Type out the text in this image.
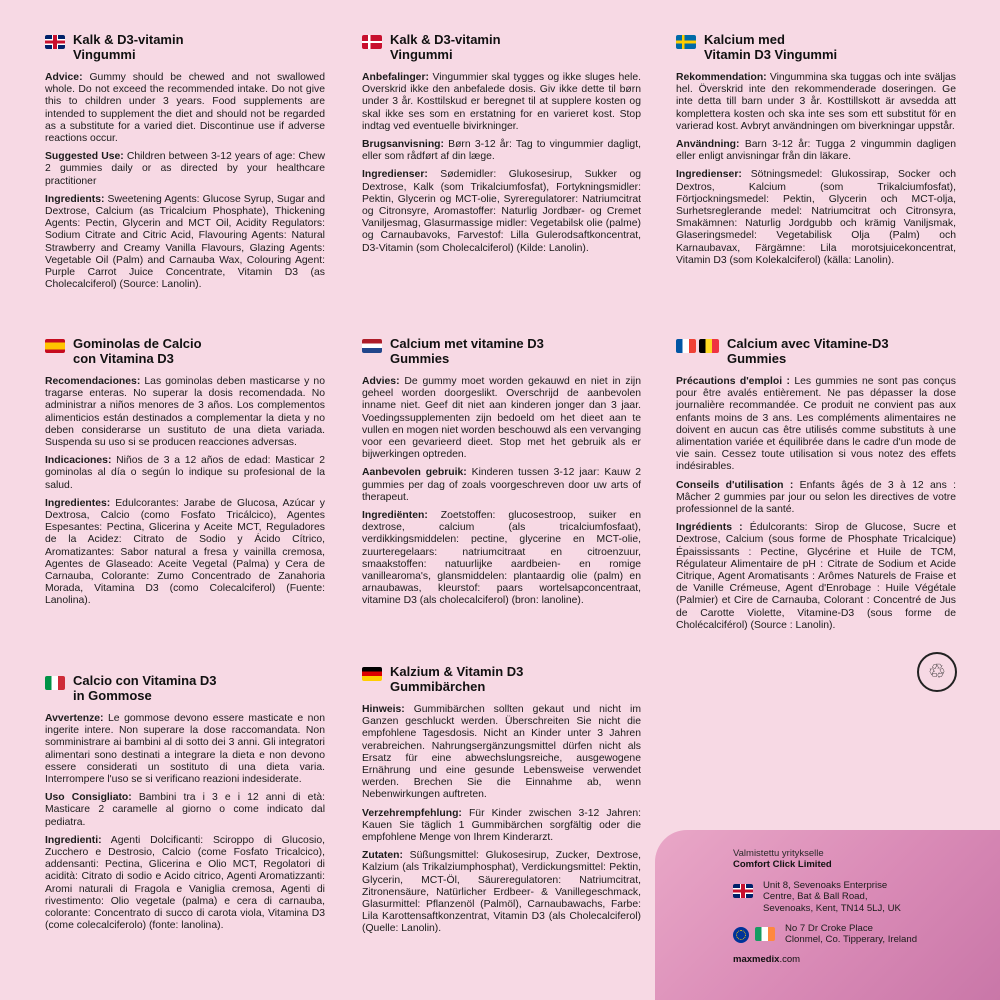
Kalk & D3-vitamin
Vingummi

Advice: Gummy should be chewed and not swallowed whole. Do not exceed the recommended intake. Do not give this to children under 3 years. Food supplements are intended to supplement the diet and should not be regarded as a substitute for a varied diet. Discontinue use if adverse reactions occur.

Suggested Use: Children between 3-12 years of age: Chew 2 gummies daily or as directed by your healthcare practitioner

Ingredients: Sweetening Agents: Glucose Syrup, Sugar and Dextrose, Calcium (as Tricalcium Phosphate), Thickening Agents: Pectin, Glycerin and MCT Oil, Acidity Regulators: Sodium Citrate and Citric Acid, Flavouring Agents: Natural Strawberry and Creamy Vanilla Flavours, Glazing Agents: Vegetable Oil (Palm) and Carnauba Wax, Colouring Agent: Purple Carrot Juice Concentrate, Vitamin D3 (as Cholecalciferol) (Source: Lanolin).

Gominolas de Calcio
con Vitamina D3

Recomendaciones: Las gominolas deben masticarse y no tragarse enteras. No superar la dosis recomendada. No administrar a niños menores de 3 años. Los complementos alimenticios están destinados a complementar la dieta y no deben considerarse un sustituto de una dieta variada. Suspenda su uso si se producen reacciones adversas.

Indicaciones: Niños de 3 a 12 años de edad: Masticar 2 gominolas al día o según lo indique su profesional de la salud.

Ingredientes: Edulcorantes: Jarabe de Glucosa, Azúcar y Dextrosa, Calcio (como Fosfato Tricálcico), Agentes Espesantes: Pectina, Glicerina y Aceite MCT, Reguladores de la Acidez: Citrato de Sodio y Ácido Cítrico, Aromatizantes: Sabor natural a fresa y vainilla cremosa, Agentes de Glaseado: Aceite Vegetal (Palma) y Cera de Carnauba, Colorante: Zumo Concentrado de Zanahoria Morada, Vitamina D3 (como Colecalciferol) (Fuente: Lanolina).

Calcio con Vitamina D3
in Gommose

Avvertenze: Le gommose devono essere masticate e non ingerite intere. Non superare la dose raccomandata. Non somministrare ai bambini al di sotto dei 3 anni. Gli integratori alimentari sono destinati a integrare la dieta e non devono essere considerati un sostituto di una dieta varia. Interrompere l'uso se si verificano reazioni indesiderate.

Uso Consigliato: Bambini tra i 3 e i 12 anni di età: Masticare 2 caramelle al giorno o come indicato dal pediatra.

Ingredienti: Agenti Dolcificanti: Sciroppo di Glucosio, Zucchero e Destrosio, Calcio (come Fosfato Tricalcico), addensanti: Pectina, Glicerina e Olio MCT, Regolatori di acidità: Citrato di sodio e Acido citrico, Agenti Aromatizzanti: Aromi naturali di Fragola e Vaniglia cremosa, Agenti di rivestimento: Olio vegetale (palma) e cera di carnauba, colorante: Concentrato di succo di carota viola, Vitamina D3 (come colecalciferolo) (fonte: lanolina).

Kalk & D3-vitamin
Vingummi

Anbefalinger: Vingummier skal tygges og ikke sluges hele. Overskrid ikke den anbefalede dosis. Giv ikke dette til børn under 3 år. Kosttilskud er beregnet til at supplere kosten og skal ikke ses som en erstatning for en varieret kost. Stop indtag ved eventuelle bivirkninger.

Brugsanvisning: Børn 3-12 år: Tag to vingummier dagligt, eller som rådført af din læge.

Ingredienser: Sødemidler: Glukosesirup, Sukker og Dextrose, Kalk (som Trikalciumfosfat), Fortykningsmidler: Pektin, Glycerin og MCT-olie, Syreregulatorer: Natriumcitrat og Citronsyre, Aromastoffer: Naturlig Jordbær- og Cremet Vaniljesmag, Glasurmassige midler: Vegetabilsk olie (palme) og Carnaubavoks, Farvestof: Lilla Gulerodsaftkoncentrat, D3-Vitamin (som Cholecalciferol) (Kilde: Lanolin).

Calcium met vitamine D3
Gummies

Advies: De gummy moet worden gekauwd en niet in zijn geheel worden doorgeslikt. Overschrijd de aanbevolen inname niet. Geef dit niet aan kinderen jonger dan 3 jaar. Voedingssupplementen zijn bedoeld om het dieet aan te vullen en mogen niet worden beschouwd als een vervanging voor een gevarieerd dieet. Stop met het gebruik als er bijwerkingen optreden.

Aanbevolen gebruik: Kinderen tussen 3-12 jaar: Kauw 2 gummies per dag of zoals voorgeschreven door uw arts of therapeut.

Ingrediënten: Zoetstoffen: glucosestroop, suiker en dextrose, calcium (als tricalciumfosfaat), verdikkingsmiddelen: pectine, glycerine en MCT-olie, zuurteregelaars: natriumcitraat en citroenzuur, smaakstoffen: natuurlijke aardbeien- en romige vanillearoma's, glansmiddelen: plantaardig olie (palm) en arnaubawas, kleurstof: paars wortelsapconcentraat, vitamine D3 (als cholecalciferol) (bron: lanoline).

Kalzium & Vitamin D3
Gummibärchen

Hinweis: Gummibärchen sollten gekaut und nicht im Ganzen geschluckt werden. Überschreiten Sie nicht die empfohlene Tagesdosis. Nicht an Kinder unter 3 Jahren verabreichen. Nahrungsergänzungsmittel dürfen nicht als Ersatz für eine abwechslungsreiche, ausgewogene Ernährung und eine gesunde Lebensweise verwendet werden. Brechen Sie die Einnahme ab, wenn Nebenwirkungen auftreten.

Verzehrempfehlung: Für Kinder zwischen 3-12 Jahren: Kauen Sie täglich 1 Gummibärchen sorgfältig oder die empfohlene Menge von Ihrem Kinderarzt.

Zutaten: Süßungsmittel: Glukosesirup, Zucker, Dextrose, Kalzium (als Trikalziumphosphat), Verdickungsmittel: Pektin, Glycerin, MCT-Öl, Säureregulatoren: Natriumcitrat, Zitronensäure, Natürlicher Erdbeer- & Vanillegeschmack, Glasurmittel: Pflanzenöl (Palmöl), Carnaubawachs, Farbe: Lila Karottensaftkonzentrat, Vitamin D3 (als Cholecalciferol) (Quelle: Lanolin).

Kalcium med
Vitamin D3 Vingummi

Rekommendation: Vingummina ska tuggas och inte sväljas hel. Överskrid inte den rekommenderade doseringen. Ge inte detta till barn under 3 år. Kosttillskott är avsedda att komplettera kosten och ska inte ses som ett substitut för en varierad kost. Avbryt användningen om biverkningar uppstår.

Användning: Barn 3-12 år: Tugga 2 vingummin dagligen eller enligt anvisningar från din läkare.

Ingredienser: Sötningsmedel: Glukossirap, Socker och Dextros, Kalcium (som Trikalciumfosfat), Förtjockningsmedel: Pektin, Glycerin och MCT-olja, Surhetsreglerande medel: Natriumcitrat och Citronsyra, Smakämnen: Naturlig Jordgubb och krämig Vaniljsmak, Glaseringsmedel: Vegetabilisk Olja (Palm) och Karnaubavax, Färgämne: Lila morotsjuicekoncentrat, Vitamin D3 (som Kolekalciferol) (källa: Lanolin).

Calcium avec Vitamine-D3
Gummies

Précautions d'emploi : Les gummies ne sont pas conçus pour être avalés entièrement. Ne pas dépasser la dose journalière recommandée. Ce produit ne convient pas aux enfants moins de 3 ans. Les compléments alimentaires ne doivent en aucun cas être utilisés comme substituts à une alimentation variée et équilibrée dans le cadre d'un mode de vie sain. Cessez toute utilisation si vous notez des effets indésirables.

Conseils d'utilisation : Enfants âgés de 3 à 12 ans : Mâcher 2 gummies par jour ou selon les directives de votre professionnel de la santé.

Ingrédients : Édulcorants: Sirop de Glucose, Sucre et Dextrose, Calcium (sous forme de Phosphate Tricalcique) Épaississants : Pectine, Glycérine et Huile de TCM, Régulateur Alimentaire de pH : Citrate de Sodium et Acide Citrique, Agent Aromatisants : Arômes Naturels de Fraise et de Vanille Crémeuse, Agent d'Enrobage : Huile Végétale (Palmier) et Cire de Carnauba, Colorant : Concentré de Jus de Carotte Violette, Vitamine-D3 (sous forme de Cholécalciférol) (Source : Lanolin).

♲
Valmistettu yritykselle
Comfort Click Limited
Unit 8, Sevenoaks Enterprise
Centre, Bat & Ball Road,
Sevenoaks, Kent, TN14 5LJ, UK
No 7 Dr Croke Place
Clonmel, Co. Tipperary, Ireland
maxmedix.com
